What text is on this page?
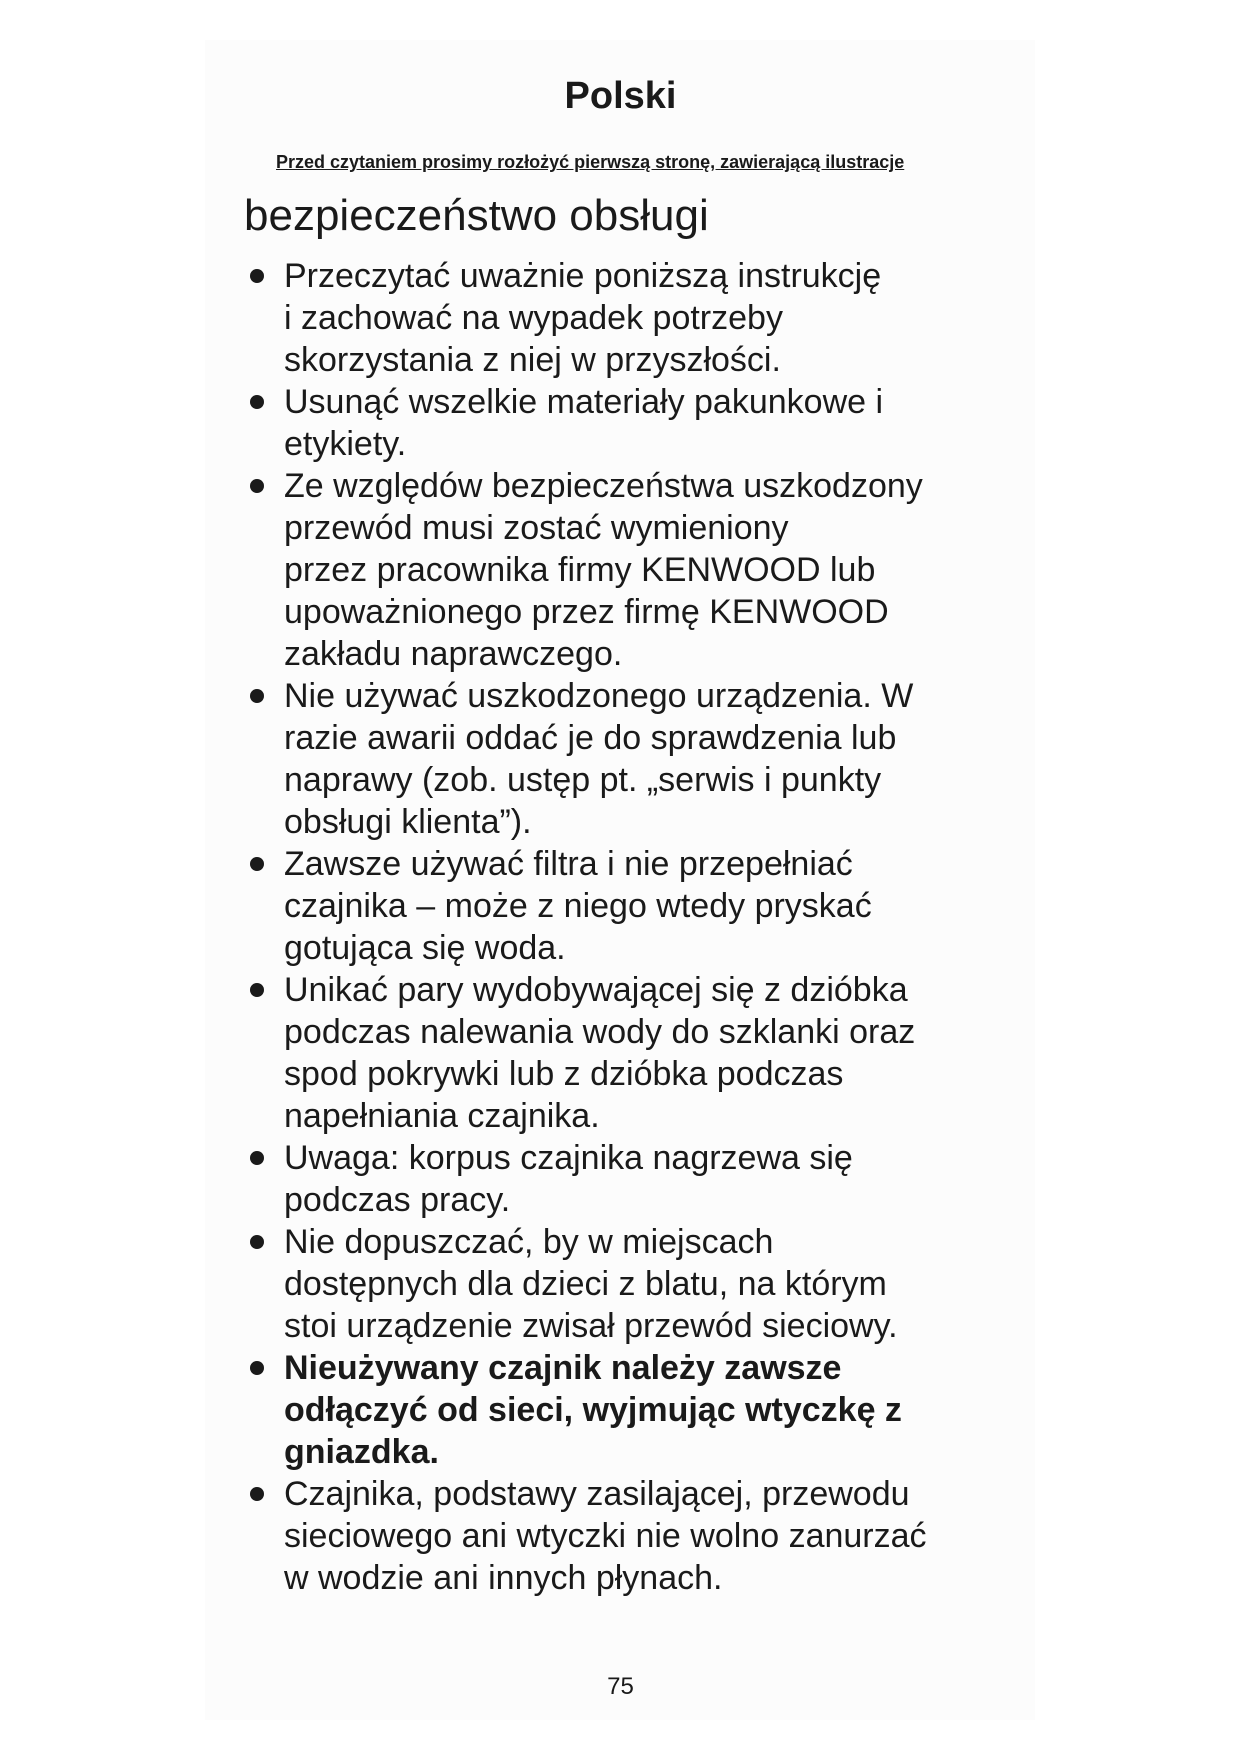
Polski
Przed czytaniem prosimy rozłożyć pierwszą stronę, zawierającą ilustracje
bezpieczeństwo obsługi
Przeczytać uważnie poniższą instrukcję
i zachować na wypadek potrzeby
skorzystania z niej w przyszłości.
Usunąć wszelkie materiały pakunkowe i
etykiety.
Ze względów bezpieczeństwa uszkodzony
przewód musi zostać wymieniony
przez pracownika firmy KENWOOD lub
upoważnionego przez firmę KENWOOD
zakładu naprawczego.
Nie używać uszkodzonego urządzenia. W
razie awarii oddać je do sprawdzenia lub
naprawy (zob. ustęp pt. „serwis i punkty
obsługi klienta”).
Zawsze używać filtra i nie przepełniać
czajnika – może z niego wtedy pryskać
gotująca się woda.
Unikać pary wydobywającej się z dzióbka
podczas nalewania wody do szklanki oraz
spod pokrywki lub z dzióbka podczas
napełniania czajnika.
Uwaga: korpus czajnika nagrzewa się
podczas pracy.
Nie dopuszczać, by w miejscach
dostępnych dla dzieci z blatu, na którym
stoi urządzenie zwisał przewód sieciowy.
Nieużywany czajnik należy zawsze
odłączyć od sieci, wyjmując wtyczkę z
gniazdka.
Czajnika, podstawy zasilającej, przewodu
sieciowego ani wtyczki nie wolno zanurzać
w wodzie ani innych płynach.
75
